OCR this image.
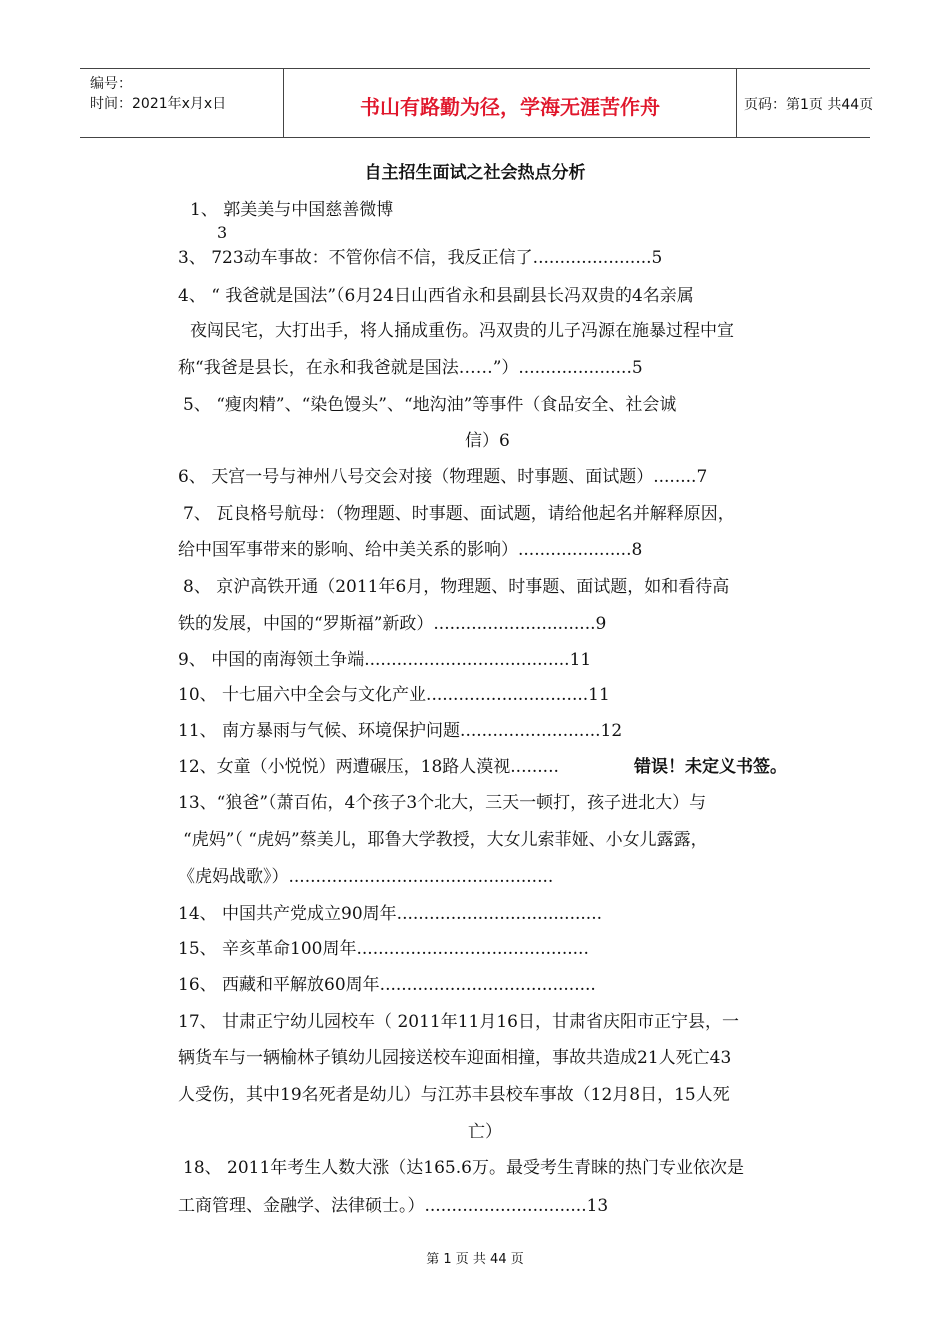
编号：
时间：2021年x月x日	书山有路勤为径，学海无涯苦作舟	页码：第1页 共44页
自主招生面试之社会热点分析
1、 郭美美与中国慈善微博
3
3、 723动车事故：不管你信不信，我反正信了......................5
4、 “ 我爸就是国法”（6月24日山西省永和县副县长冯双贵的4名亲属
夜闯民宅，大打出手，将人捅成重伤。冯双贵的儿子冯源在施暴过程中宣
称“我爸是县长，在永和我爸就是国法……”）.....................5
5、 “瘦肉精”、“染色馒头”、“地沟油”等事件（食品安全、社会诚
信）6
6、 天宫一号与神州八号交会对接（物理题、时事题、面试题）........7
7、 瓦良格号航母：（物理题、时事题、面试题，请给他起名并解释原因，
给中国军事带来的影响、给中美关系的影响）.....................8
8、 京沪高铁开通（2011年6月，物理题、时事题、面试题，如和看待高
铁的发展，中国的“罗斯福”新政）..............................9
9、 中国的南海领土争端......................................11
10、 十七届六中全会与文化产业..............................11
11、 南方暴雨与气候、环境保护问题..........................12
12、女童（小悦悦）两遭碾压，18路人漠视.........	错误！未定义书签。
13、“狼爸”（萧百佑，4个孩子3个北大，三天一顿打，孩子进北大）与
“虎妈”（ “虎妈”蔡美儿，耶鲁大学教授，大女儿索菲娅、小女儿露露，
《虎妈战歌》）.................................................
14、 中国共产党成立90周年......................................
15、 辛亥革命100周年...........................................
16、 西藏和平解放60周年........................................
17、 甘肃正宁幼儿园校车（ 2011年11月16日，甘肃省庆阳市正宁县，一
辆货车与一辆榆林子镇幼儿园接送校车迎面相撞，事故共造成21人死亡43
人受伤，其中19名死者是幼儿）与江苏丰县校车事故（12月8日，15人死
亡）
18、 2011年考生人数大涨（达165.6万。最受考生青睐的热门专业依次是
工商管理、金融学、法律硕士。）..............................13
第 1 页 共 44 页
